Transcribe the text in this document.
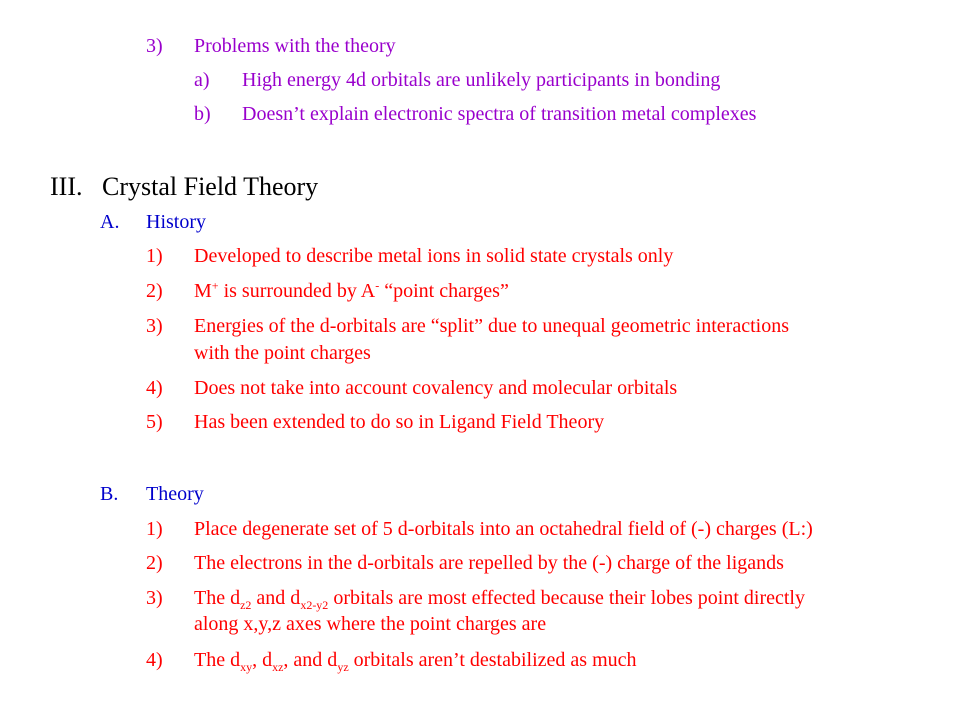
3) Problems with the theory
a) High energy 4d orbitals are unlikely participants in bonding
b) Doesn’t explain electronic spectra of transition metal complexes
III. Crystal Field Theory
A. History
1) Developed to describe metal ions in solid state crystals only
2) M+ is surrounded by A- “point charges”
3) Energies of the d-orbitals are “split” due to unequal geometric interactions
with the point charges
4) Does not take into account covalency and molecular orbitals
5) Has been extended to do so in Ligand Field Theory
B. Theory
1) Place degenerate set of 5 d-orbitals into an octahedral field of (-) charges (L:)
2) The electrons in the d-orbitals are repelled by the (-) charge of the ligands
3) The $d_{z2}$ and $d_{x2-y2}$ orbitals are most effected because their lobes point directly
along x,y,z axes where the point charges are
4) The $d_{xy}$, $d_{xz}$, and $d_{yz}$ orbitals aren’t destabilized as much
